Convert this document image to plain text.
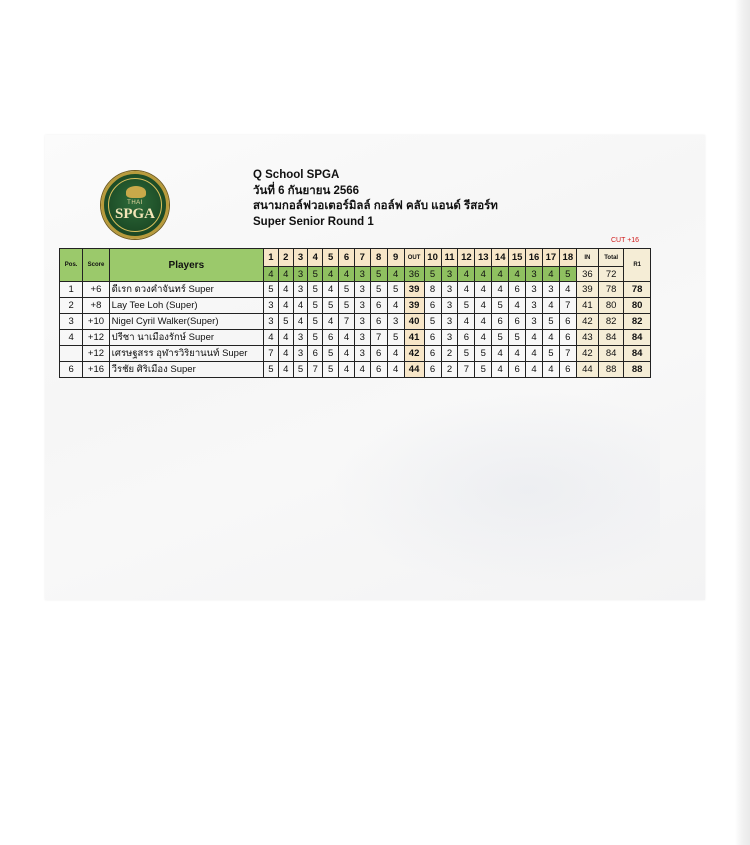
THAI
SPGA
Q School SPGA
วันที่ 6 กันยายน 2566
สนามกอล์ฟวอเตอร์มิลล์ กอล์ฟ คลับ แอนด์ รีสอร์ท
Super Senior Round 1
CUT +16
Pos.	Score	Players	1	2	3	4	5	6	7	8	9	OUT	10	11	12	13	14	15	16	17	18	IN	Total	R1
			4	4	3	5	4	4	3	5	4	36	5	3	4	4	4	4	3	4	5	36	72	
1	+6	ดีเรก ดวงคำจันทร์ Super	5	4	3	5	4	5	3	5	5	39	8	3	4	4	4	6	3	3	4	39	78	78
2	+8	Lay Tee Loh (Super)	3	4	4	5	5	5	3	6	4	39	6	3	5	4	5	4	3	4	7	41	80	80
3	+10	Nigel Cyril Walker(Super)	3	5	4	5	4	7	3	6	3	40	5	3	4	4	6	6	3	5	6	42	82	82
4	+12	ปรีชา นาเมืองรักษ์ Super	4	4	3	5	6	4	3	7	5	41	6	3	6	4	5	5	4	4	6	43	84	84
	+12	เศรษฐสรร อุฬารวิริยานนท์ Super	7	4	3	6	5	4	3	6	4	42	6	2	5	5	4	4	4	5	7	42	84	84
6	+16	วีรชัย ศิริเมือง Super	5	4	5	7	5	4	4	6	4	44	6	2	7	5	4	6	4	4	6	44	88	88
